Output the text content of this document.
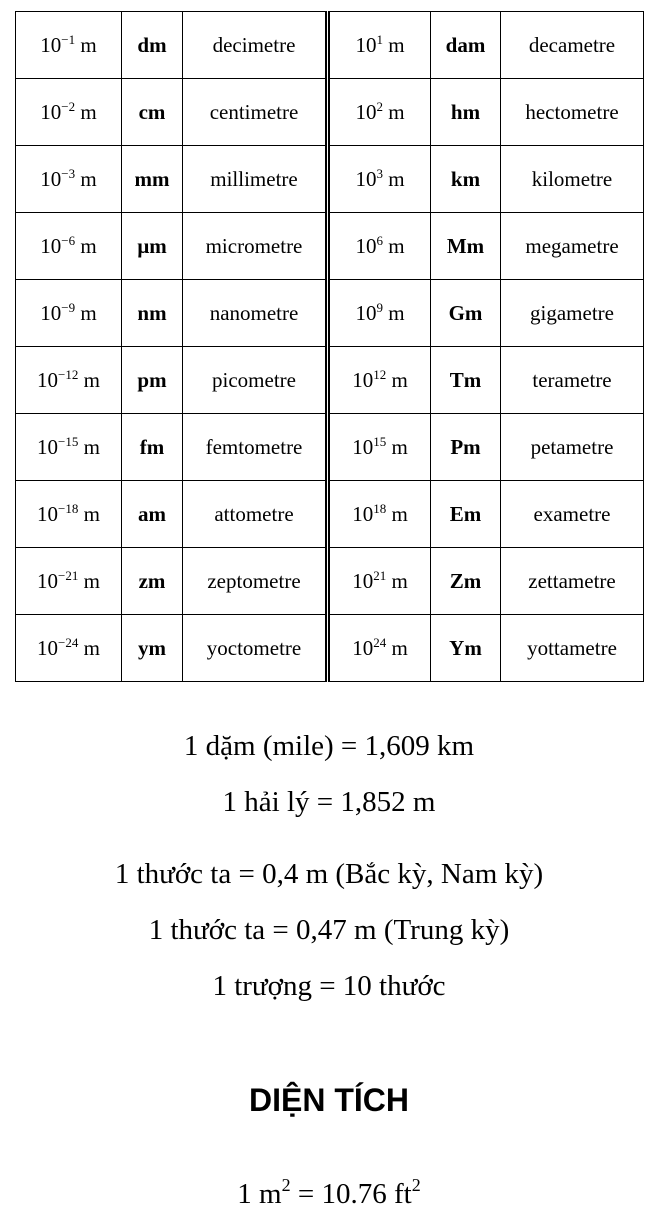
$10^{-1}$ m	dm	decimetre	$10^1$ m	dam	decametre
$10^{-2}$ m	cm	centimetre	$10^2$ m	hm	hectometre
$10^{-3}$ m	mm	millimetre	$10^3$ m	km	kilometre
$10^{-6}$ m	µm	micrometre	$10^6$ m	Mm	megametre
$10^{-9}$ m	nm	nanometre	$10^9$ m	Gm	gigametre
$10^{-12}$ m	pm	picometre	$10^{12}$ m	Tm	terametre
$10^{-15}$ m	fm	femtometre	$10^{15}$ m	Pm	petametre
$10^{-18}$ m	am	attometre	$10^{18}$ m	Em	exametre
$10^{-21}$ m	zm	zeptometre	$10^{21}$ m	Zm	zettametre
$10^{-24}$ m	ym	yoctometre	$10^{24}$ m	Ym	yottametre
1 dặm (mile) = 1,609 km
1 hải lý = 1,852 m
1 thước ta = 0,4 m (Bắc kỳ, Nam kỳ)
1 thước ta = 0,47 m (Trung kỳ)
1 trượng = 10 thước
DIỆN TÍCH
1 $m^2 = 10.76$ $ft^2$
